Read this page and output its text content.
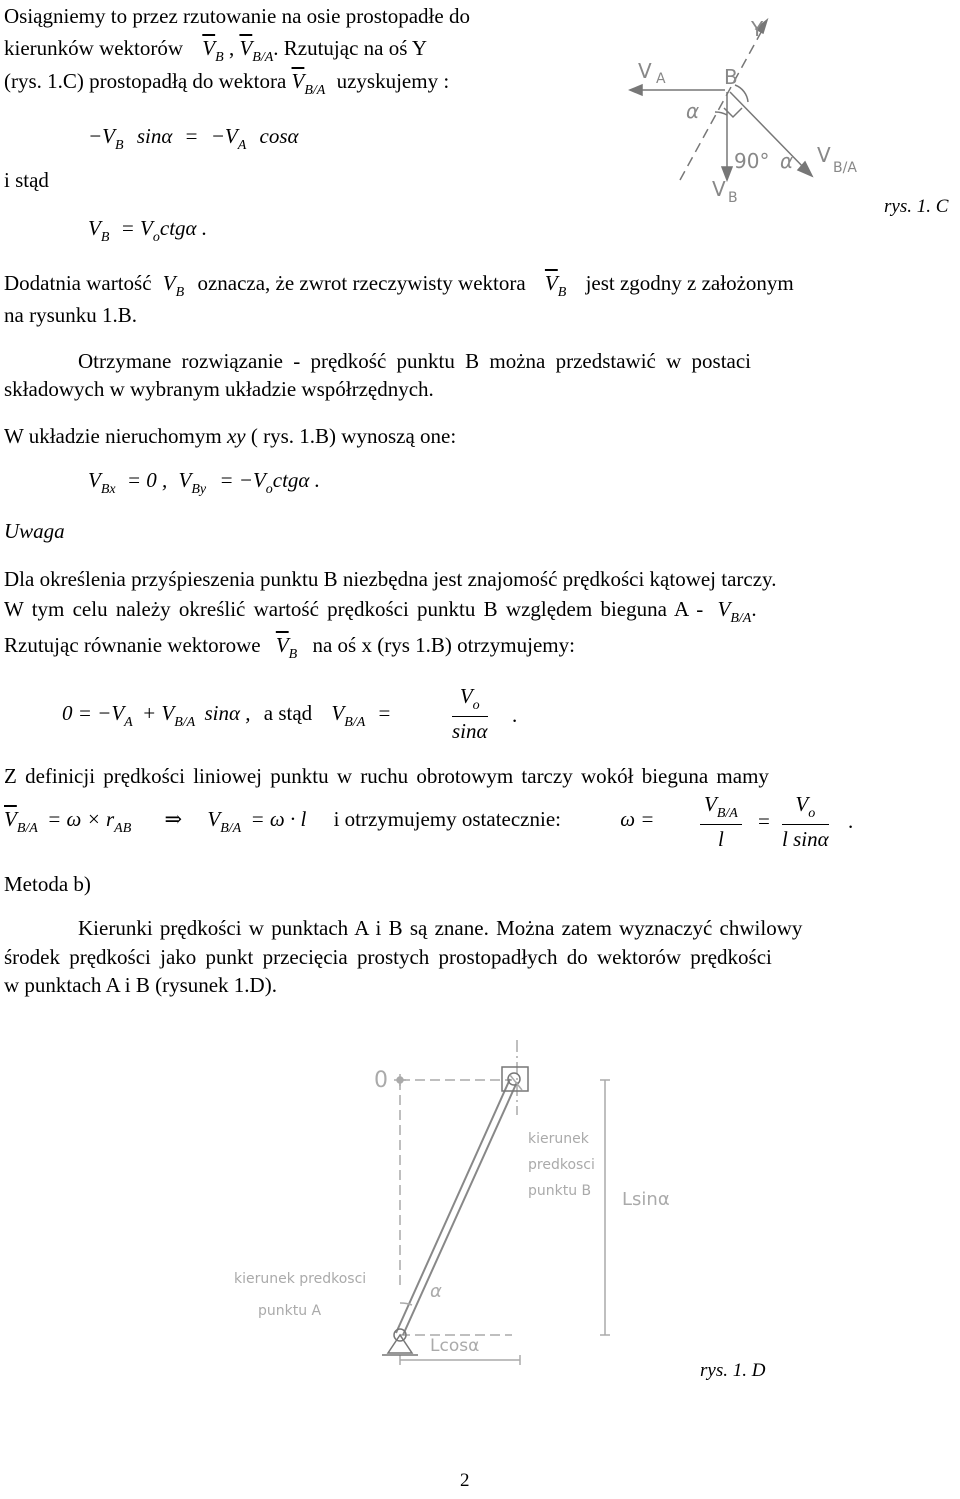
Osiągniemy to przez rzutowanie na osie prostopadłe do
kierunków wektorów $\overline{V}_B$ , $\overline{V}_{B/A}$. Rzutując na oś Y
(rys. 1.C) prostopadłą do wektora $\overline{V}_{B/A}$ uzyskujemy :
$-V_B$ $\sin\alpha = -V_A$ cosα
i stąd
$V_B = V_octg\alpha$ .
V A	B
Y
α
V B
90° α V
B/A
rys. 1. C
Dodatnia wartość $V_B$ oznacza, że zwrot rzeczywisty wektora $\overline{V}_B$ jest zgodny z założonym
na rysunku 1.B.
Otrzymane rozwiązanie - prędkość punktu B można przedstawić w postaci
składowych w wybranym układzie współrzędnych.
W układzie nieruchomym xy ( rys. 1.B) wynoszą one:
$V_{Bx} = 0$ , $V_{By} = -V_octg\alpha$ .
Uwaga
Dla określenia przyśpieszenia punktu B niezbędna jest znajomość prędkości kątowej tarczy.
W tym celu należy określić wartość prędkości punktu B względem bieguna A - $V_{B/A}$.
Rzutując równanie wektorowe $\overline{V}_B$ na oś x (rys 1.B) otrzymujemy:
$0 = -V_A + V_{B/A}$ sinα , a stąd $V_{B/A}$ =	$\frac{V_o}{\sin\alpha}$ .
Z definicji prędkości liniowej punktu w ruchu obrotowym tarczy wokół bieguna mamy
$\overline{V}_{B/A} = \omega \times r_{AB}$ ⇒ $V_{B/A} = \omega \cdot l$ i otrzymujemy ostatecznie:	$\omega = \frac{V_{B/A}}{l} = \frac{V_o}{\text{l sinα}}$ .
Metoda b)
Kierunki prędkości w punktach A i B są znane. Można zatem wyznaczyć chwilowy
środek prędkości jako punkt przecięcia prostych prostopadłych do wektorów prędkości
w punktach A i B (rysunek 1.D).
0
kierunek
predkosci
punktu B Lsinα
kierunek predkosci
punktu A
α
Lcosα
rys. 1. D
2
